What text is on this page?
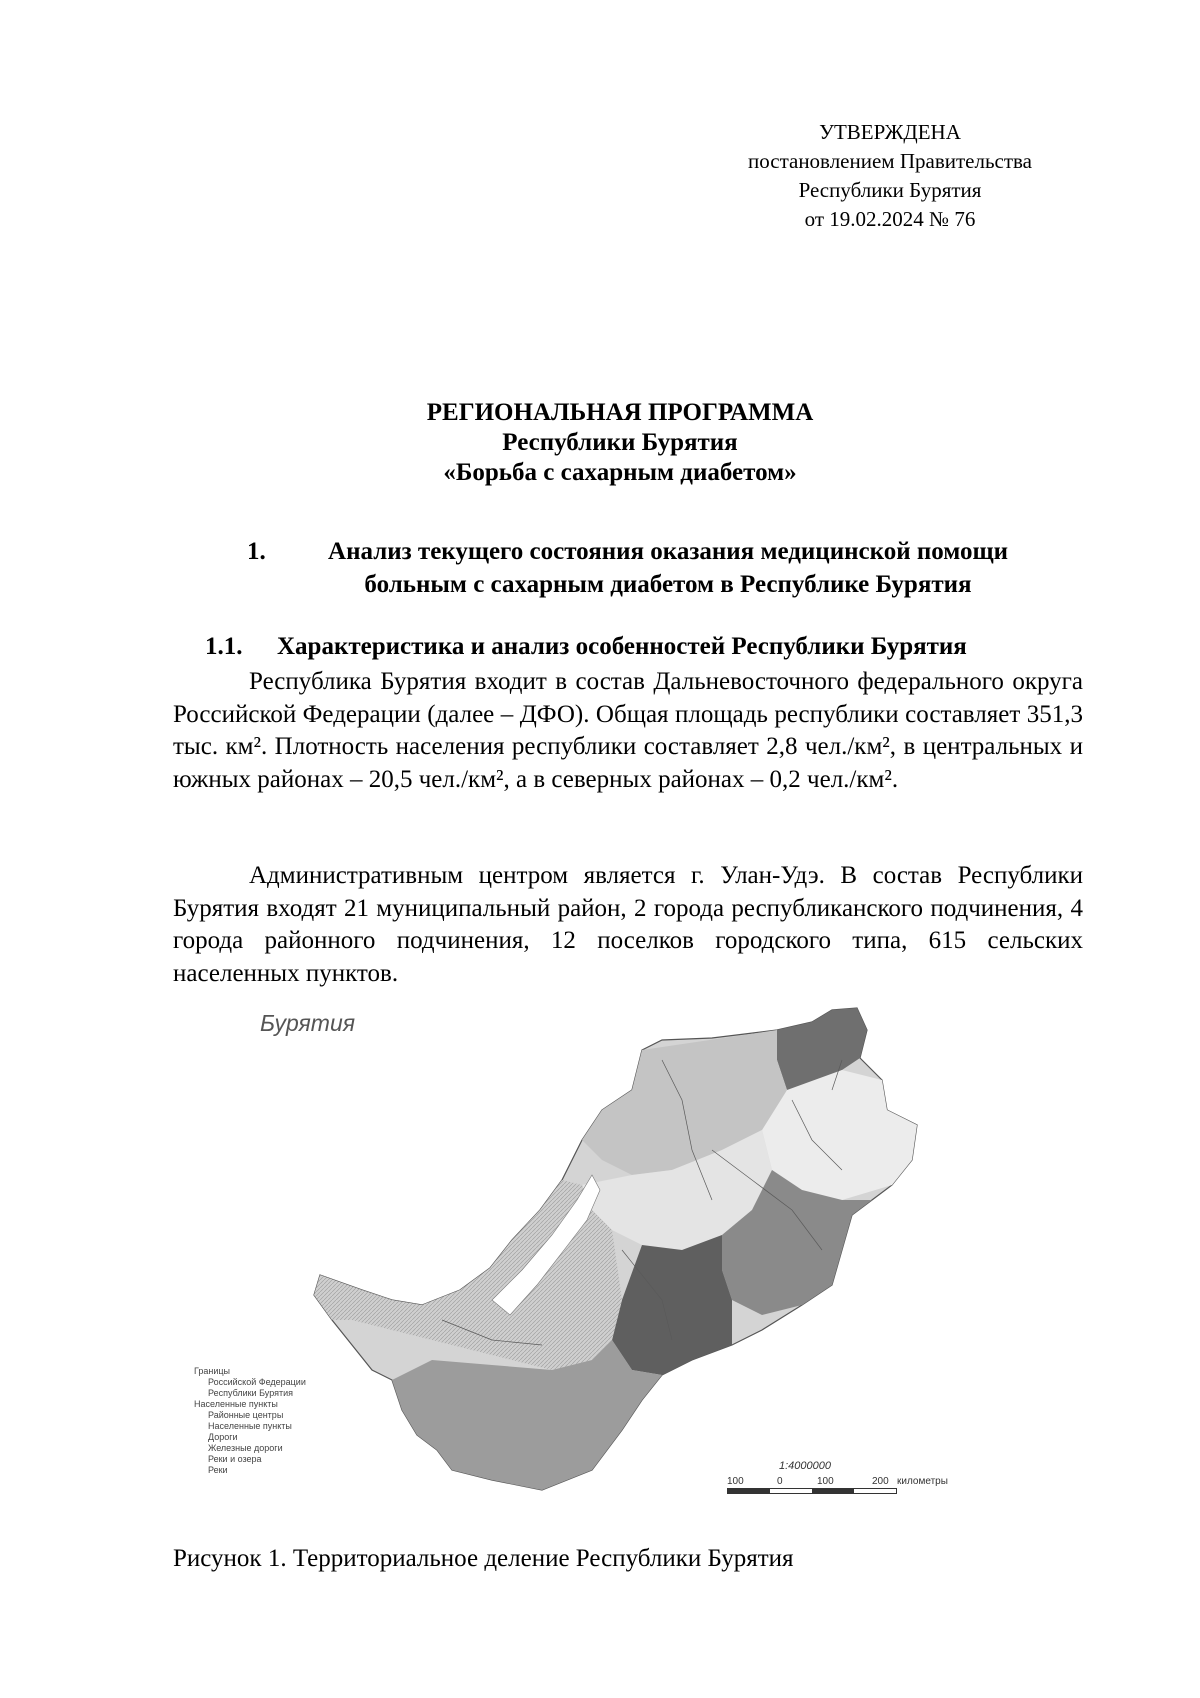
УТВЕРЖДЕНА
постановлением Правительства
Республики Бурятия
от 19.02.2024 № 76
РЕГИОНАЛЬНАЯ ПРОГРАММА
Республики Бурятия
«Борьба с сахарным диабетом»
1.	Анализ текущего состояния оказания медицинской помощи
больным с сахарным диабетом в Республике Бурятия
1.1. Характеристика и анализ особенностей Республики Бурятия

Республика Бурятия входит в состав Дальневосточного федерального округа Российской Федерации (далее – ДФО). Общая площадь республики составляет 351,3 тыс. км². Плотность населения республики составляет 2,8 чел./км², в центральных и южных районах – 20,5 чел./км², а в северных районах – 0,2 чел./км².

Административным центром является г. Улан-Удэ. В состав Республики Бурятия входят 21 муниципальный район, 2 города республиканского подчинения, 4 города районного подчинения, 12 поселков городского типа, 615 сельских населенных пунктов.

Бурятия
Границы
Российской Федерации
Республики Бурятия
Населенные пункты
Районные центры
Населенные пункты
Дороги
Железные дороги
Реки и озера
Реки	1:4000000
100	0	100	200 километры
Рисунок 1. Территориальное деление Республики Бурятия
